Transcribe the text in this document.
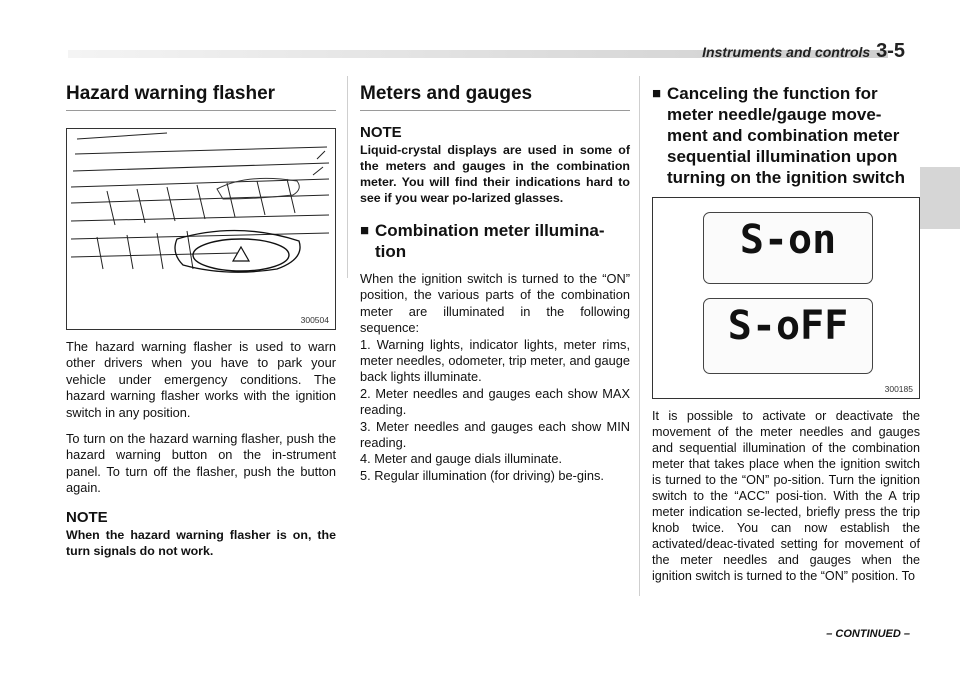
Instruments and controls 3-5
Hazard warning flasher
300504

The hazard warning flasher is used to warn other drivers when you have to park your vehicle under emergency conditions. The hazard warning flasher works with the ignition switch in any position.

To turn on the hazard warning flasher, push the hazard warning button on the in-strument panel. To turn off the flasher, push the button again.

NOTE
When the hazard warning flasher is on, the turn signals do not work.
Meters and gauges
NOTE
Liquid-crystal displays are used in some of the meters and gauges in the combination meter. You will find their indications hard to see if you wear po-larized glasses.
■ Combination meter illumina-tion

When the ignition switch is turned to the “ON” position, the various parts of the combination meter are illuminated in the following sequence:

1. Warning lights, indicator lights, meter rims, meter needles, odometer, trip meter, and gauge back lights illuminate.
2. Meter needles and gauges each show MAX reading.
3. Meter needles and gauges each show MIN reading.
4. Meter and gauge dials illuminate.
5. Regular illumination (for driving) be-gins.
■ Canceling the function for meter needle/gauge move-ment and combination meter sequential illumination upon turning on the ignition switch
S-on
S-oFF
300185

It is possible to activate or deactivate the movement of the meter needles and gauges and sequential illumination of the combination meter that takes place when the ignition switch is turned to the “ON” po-sition. Turn the ignition switch to the “ACC” posi-tion. With the A trip meter indication se-lected, briefly press the trip knob twice. You can now establish the activated/deac-tivated setting for movement of the meter needles and gauges when the ignition switch is turned to the “ON” position. To

– CONTINUED –
